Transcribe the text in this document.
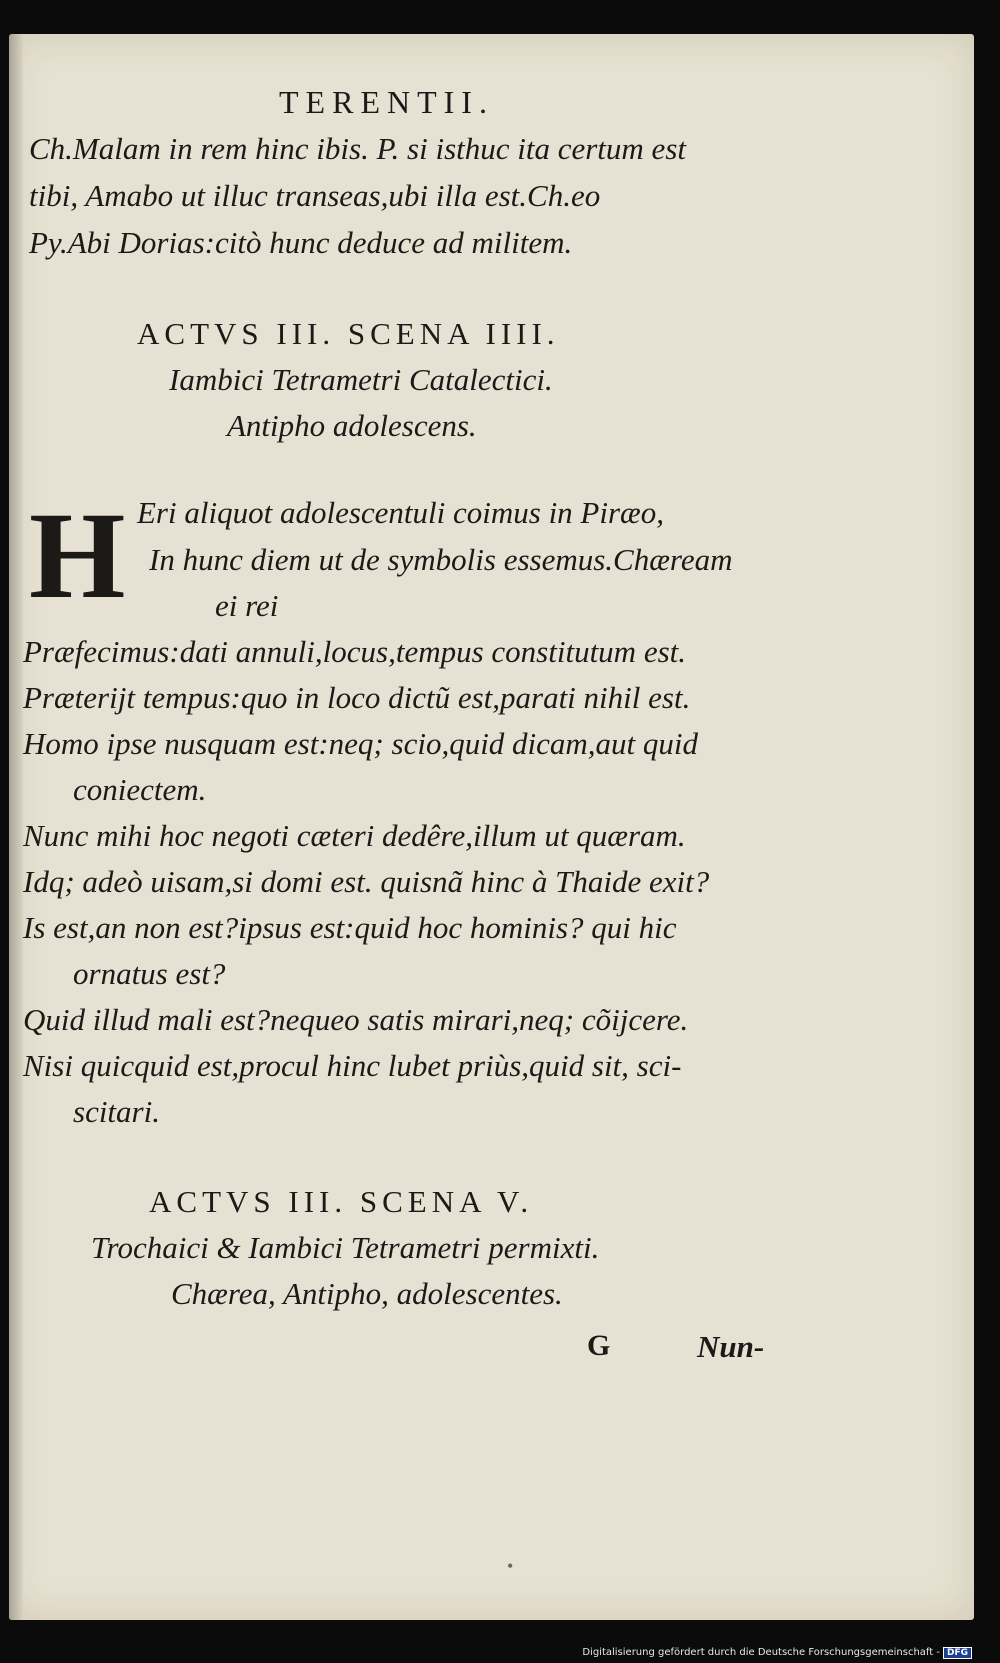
TERENTII.
Ch.Malam in rem hinc ibis. P. si isthuc ita certum est
tibi, Amabo ut illuc transeas,ubi illa est.Ch.eo
Py.Abi Dorias:citò hunc deduce ad militem.
ACTVS III. SCENA IIII.
Iambici Tetrametri Catalectici.
Antipho adolescens.
H Eri aliquot adolescentuli coimus in Piræo,
In hunc diem ut de symbolis essemus.Chæream
ei rei
Præfecimus:dati annuli,locus,tempus constitutum est.
Præterijt tempus:quo in loco dictũ est,parati nihil est.
Homo ipse nusquam est:neq; scio,quid dicam,aut quid
coniectem.
Nunc mihi hoc negoti cæteri dedêre,illum ut quæram.
Idq; adeò uisam,si domi est. quisnã hinc à Thaide exit?
Is est,an non est?ipsus est:quid hoc hominis? qui hic
ornatus est?
Quid illud mali est?nequeo satis mirari,neq; cõijcere.
Nisi quicquid est,procul hinc lubet priùs,quid sit, sci-
scitari.
ACTVS III. SCENA V.
Trochaici & Iambici Tetrametri permixti.
Chærea, Antipho, adolescentes.
G	Nun-
•
Digitalisierung gefördert durch die Deutsche Forschungsgemeinschaft - DFG
